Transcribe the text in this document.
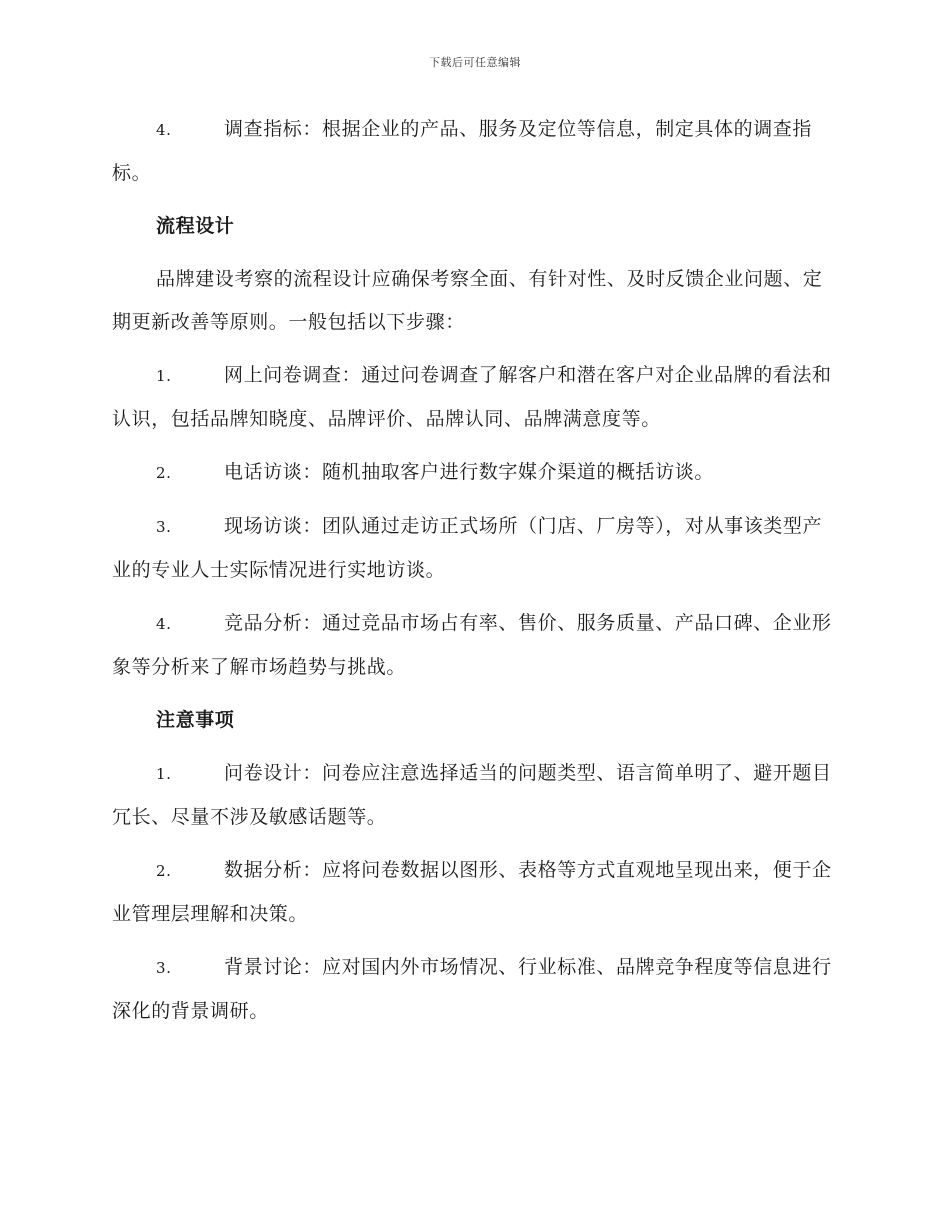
下载后可任意编辑

4.	调查指标：根据企业的产品、服务及定位等信息，制定具体的调查指标。

流程设计

品牌建设考察的流程设计应确保考察全面、有针对性、及时反馈企业问题、定期更新改善等原则。一般包括以下步骤：

1.	网上问卷调查：通过问卷调查了解客户和潜在客户对企业品牌的看法和认识，包括品牌知晓度、品牌评价、品牌认同、品牌满意度等。

2.	电话访谈：随机抽取客户进行数字媒介渠道的概括访谈。

3.	现场访谈：团队通过走访正式场所（门店、厂房等），对从事该类型产业的专业人士实际情况进行实地访谈。

4.	竞品分析：通过竞品市场占有率、售价、服务质量、产品口碑、企业形象等分析来了解市场趋势与挑战。

注意事项

1.	问卷设计：问卷应注意选择适当的问题类型、语言简单明了、避开题目冗长、尽量不涉及敏感话题等。

2.	数据分析：应将问卷数据以图形、表格等方式直观地呈现出来，便于企业管理层理解和决策。

3.	背景讨论：应对国内外市场情况、行业标准、品牌竞争程度等信息进行深化的背景调研。
